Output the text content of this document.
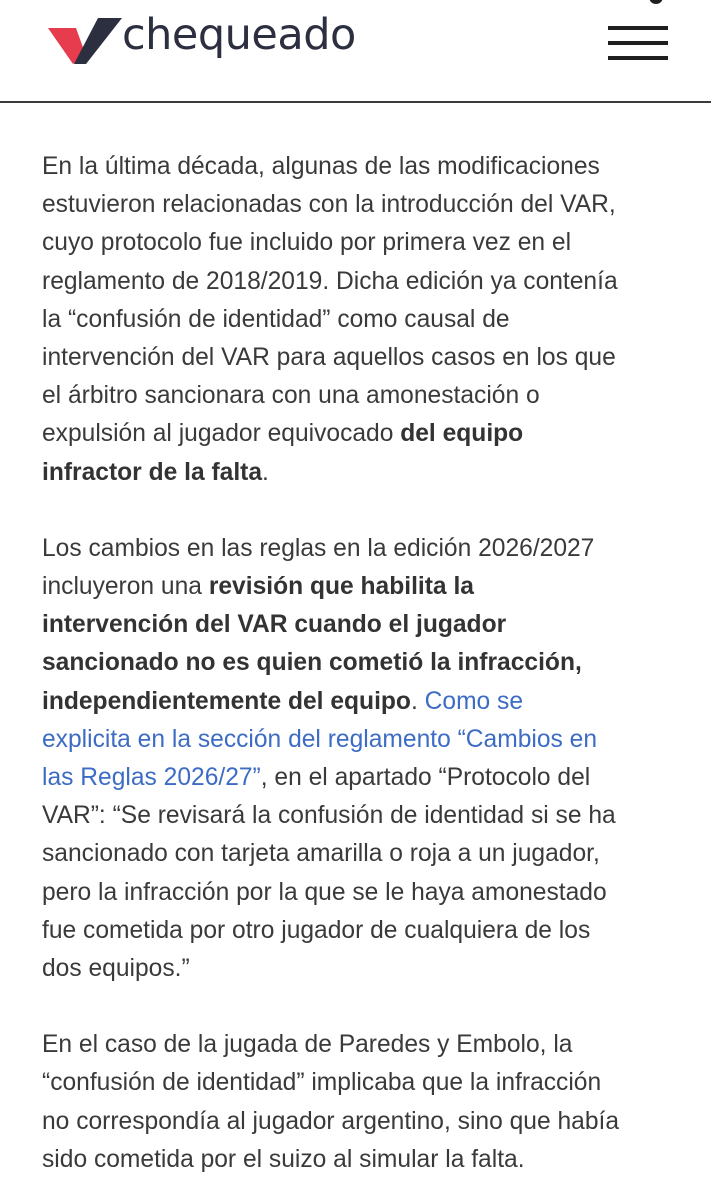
chequeado

En la última década, algunas de las modificaciones
estuvieron relacionadas con la introducción del VAR,
cuyo protocolo fue incluido por primera vez en el
reglamento de 2018/2019. Dicha edición ya contenía
la “confusión de identidad” como causal de
intervención del VAR para aquellos casos en los que
el árbitro sancionara con una amonestación o
expulsión al jugador equivocado del equipo
infractor de la falta.

Los cambios en las reglas en la edición 2026/2027
incluyeron una revisión que habilita la
intervención del VAR cuando el jugador
sancionado no es quien cometió la infracción,
independientemente del equipo. Como se
explicita en la sección del reglamento “Cambios en
las Reglas 2026/27”, en el apartado “Protocolo del
VAR”: “Se revisará la confusión de identidad si se ha
sancionado con tarjeta amarilla o roja a un jugador,
pero la infracción por la que se le haya amonestado
fue cometida por otro jugador de cualquiera de los
dos equipos.”

En el caso de la jugada de Paredes y Embolo, la
“confusión de identidad” implicaba que la infracción
no correspondía al jugador argentino, sino que había
sido cometida por el suizo al simular la falta.
